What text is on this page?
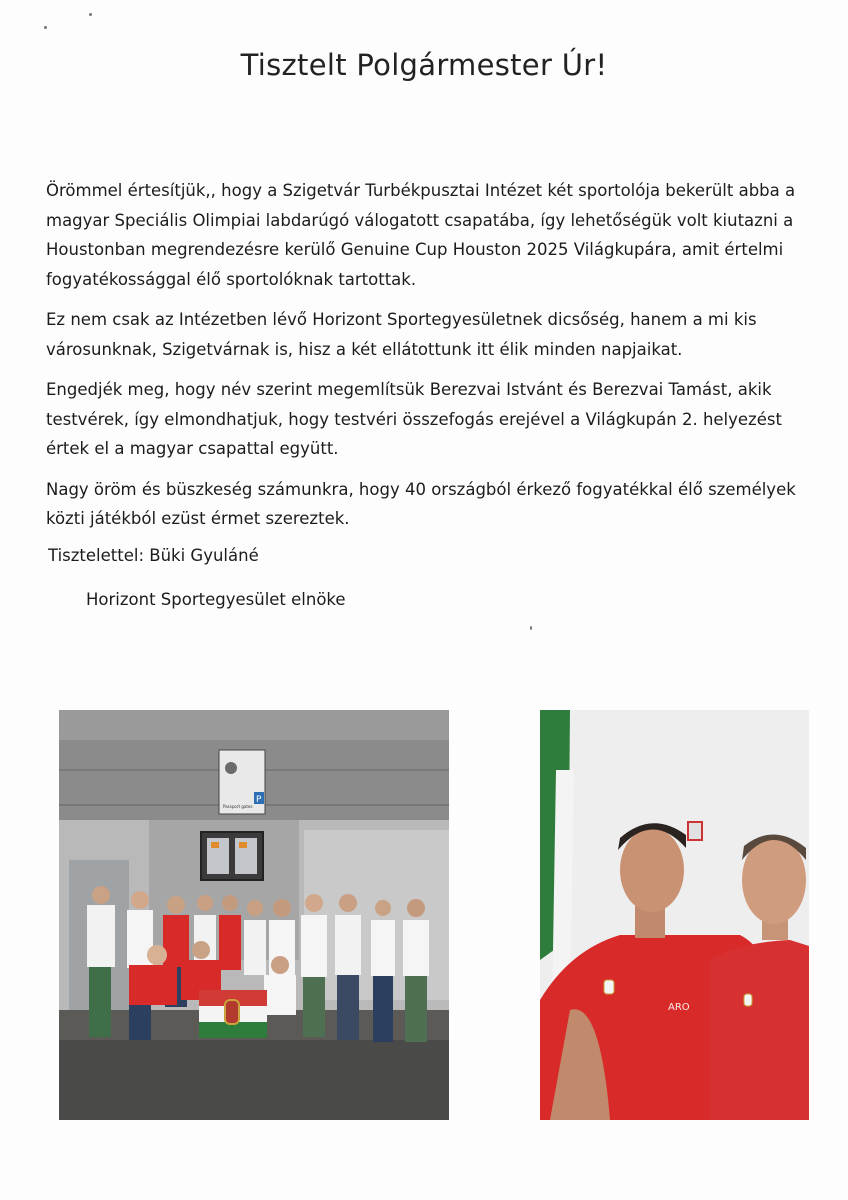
Tisztelt Polgármester Úr!

Örömmel értesítjük,, hogy a Szigetvár Turbékpusztai Intézet két sportolója bekerült abba a magyar Speciális Olimpiai labdarúgó válogatott csapatába, így lehetőségük volt kiutazni a Houstonban megrendezésre kerülő Genuine Cup Houston 2025 Világkupára, amit értelmi fogyatékossággal élő sportolóknak tartottak.

Ez nem csak az Intézetben lévő Horizont Sportegyesületnek dicsőség, hanem a mi kis városunknak, Szigetvárnak is, hisz a két ellátottunk itt élik minden napjaikat.

Engedjék meg, hogy név szerint megemlítsük Berezvai Istvánt és Berezvai Tamást, akik testvérek, így elmondhatjuk, hogy testvéri összefogás erejével a Világkupán 2. helyezést értek el a magyar csapattal együtt.

Nagy öröm és büszkeség számunkra, hogy 40 országból érkező fogyatékkal élő személyek közti játékból ezüst érmet szereztek.

Tisztelettel: Büki Gyuláné
Horizont Sportegyesület elnöke
P
Passport gates
ARO
